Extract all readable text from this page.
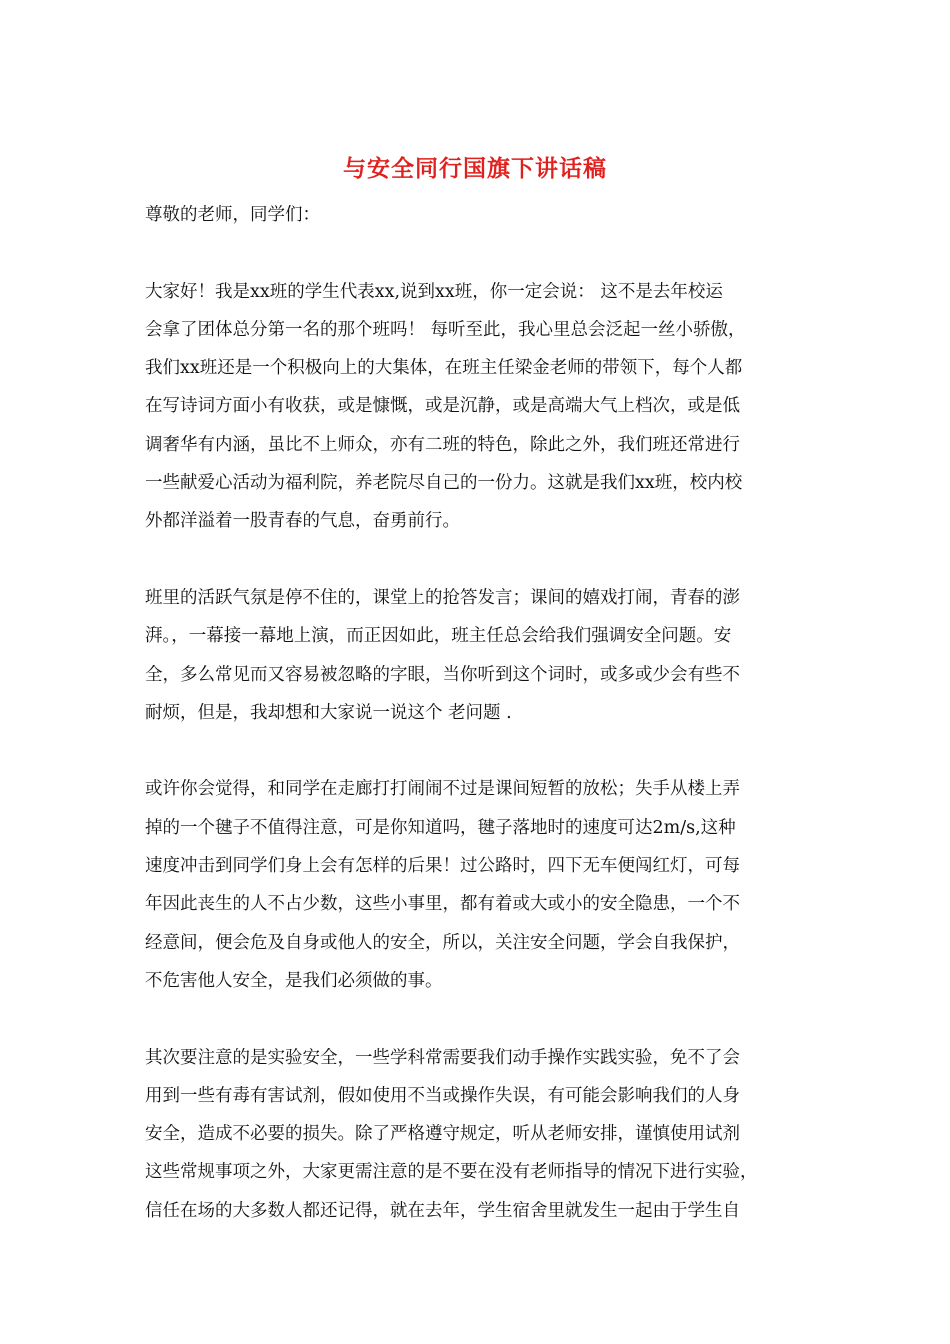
与安全同行国旗下讲话稿
尊敬的老师，同学们：
大家好！我是xx班的学生代表xx,说到xx班，你一定会说： 这不是去年校运
会拿了团体总分第一名的那个班吗！ 每听至此，我心里总会泛起一丝小骄傲，
我们xx班还是一个积极向上的大集体，在班主任梁金老师的带领下，每个人都
在写诗词方面小有收获，或是慷慨，或是沉静，或是高端大气上档次，或是低
调奢华有内涵，虽比不上师众，亦有二班的特色，除此之外，我们班还常进行
一些献爱心活动为福利院，养老院尽自己的一份力。这就是我们xx班，校内校
外都洋溢着一股青春的气息，奋勇前行。
班里的活跃气氛是停不住的，课堂上的抢答发言；课间的嬉戏打闹，青春的澎
湃。，一幕接一幕地上演，而正因如此，班主任总会给我们强调安全问题。安
全，多么常见而又容易被忽略的字眼，当你听到这个词时，或多或少会有些不
耐烦，但是，我却想和大家说一说这个 老问题 .
或许你会觉得，和同学在走廊打打闹闹不过是课间短暂的放松；失手从楼上弄
掉的一个毽子不值得注意，可是你知道吗，毽子落地时的速度可达2m/s,这种
速度冲击到同学们身上会有怎样的后果！过公路时，四下无车便闯红灯，可每
年因此丧生的人不占少数，这些小事里，都有着或大或小的安全隐患，一个不
经意间，便会危及自身或他人的安全，所以，关注安全问题，学会自我保护，
不危害他人安全，是我们必须做的事。
其次要注意的是实验安全，一些学科常需要我们动手操作实践实验，免不了会
用到一些有毒有害试剂，假如使用不当或操作失误，有可能会影响我们的人身
安全，造成不必要的损失。除了严格遵守规定，听从老师安排，谨慎使用试剂
这些常规事项之外，大家更需注意的是不要在没有老师指导的情况下进行实验，
信任在场的大多数人都还记得，就在去年，学生宿舍里就发生一起由于学生自
